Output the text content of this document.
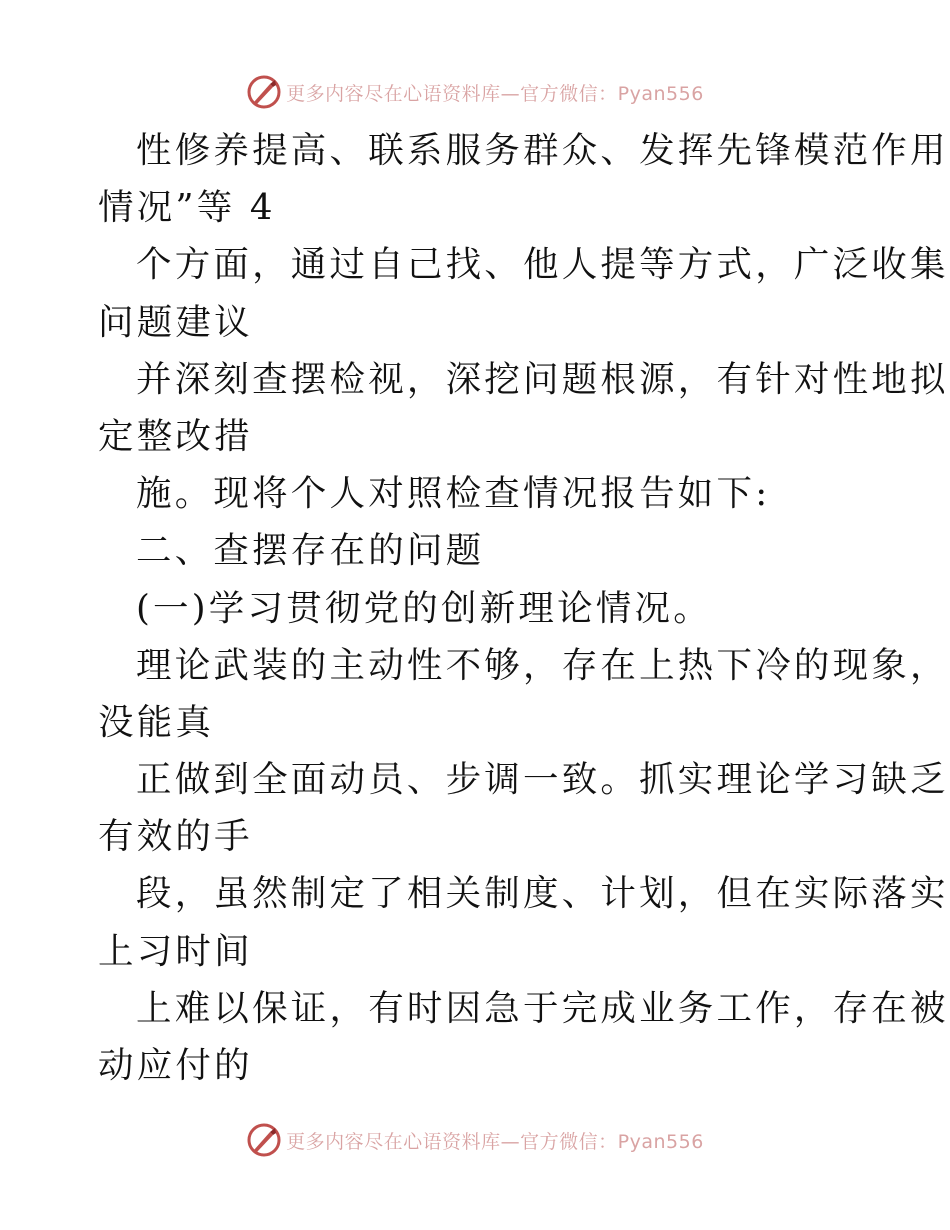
更多内容尽在心语资料库—官方微信：Pyan556
性修养提高、联系服务群众、发挥先锋模范作用
情况”等 4
个方面，通过自己找、他人提等方式，广泛收集
问题建议
并深刻查摆检视，深挖问题根源，有针对性地拟
定整改措
施。现将个人对照检查情况报告如下:
二、查摆存在的问题
(一)学习贯彻党的创新理论情况。
理论武装的主动性不够，存在上热下冷的现象，
没能真
正做到全面动员、步调一致。抓实理论学习缺乏
有效的手
段，虽然制定了相关制度、计划，但在实际落实
上习时间
上难以保证，有时因急于完成业务工作，存在被
动应付的
更多内容尽在心语资料库—官方微信：Pyan556
